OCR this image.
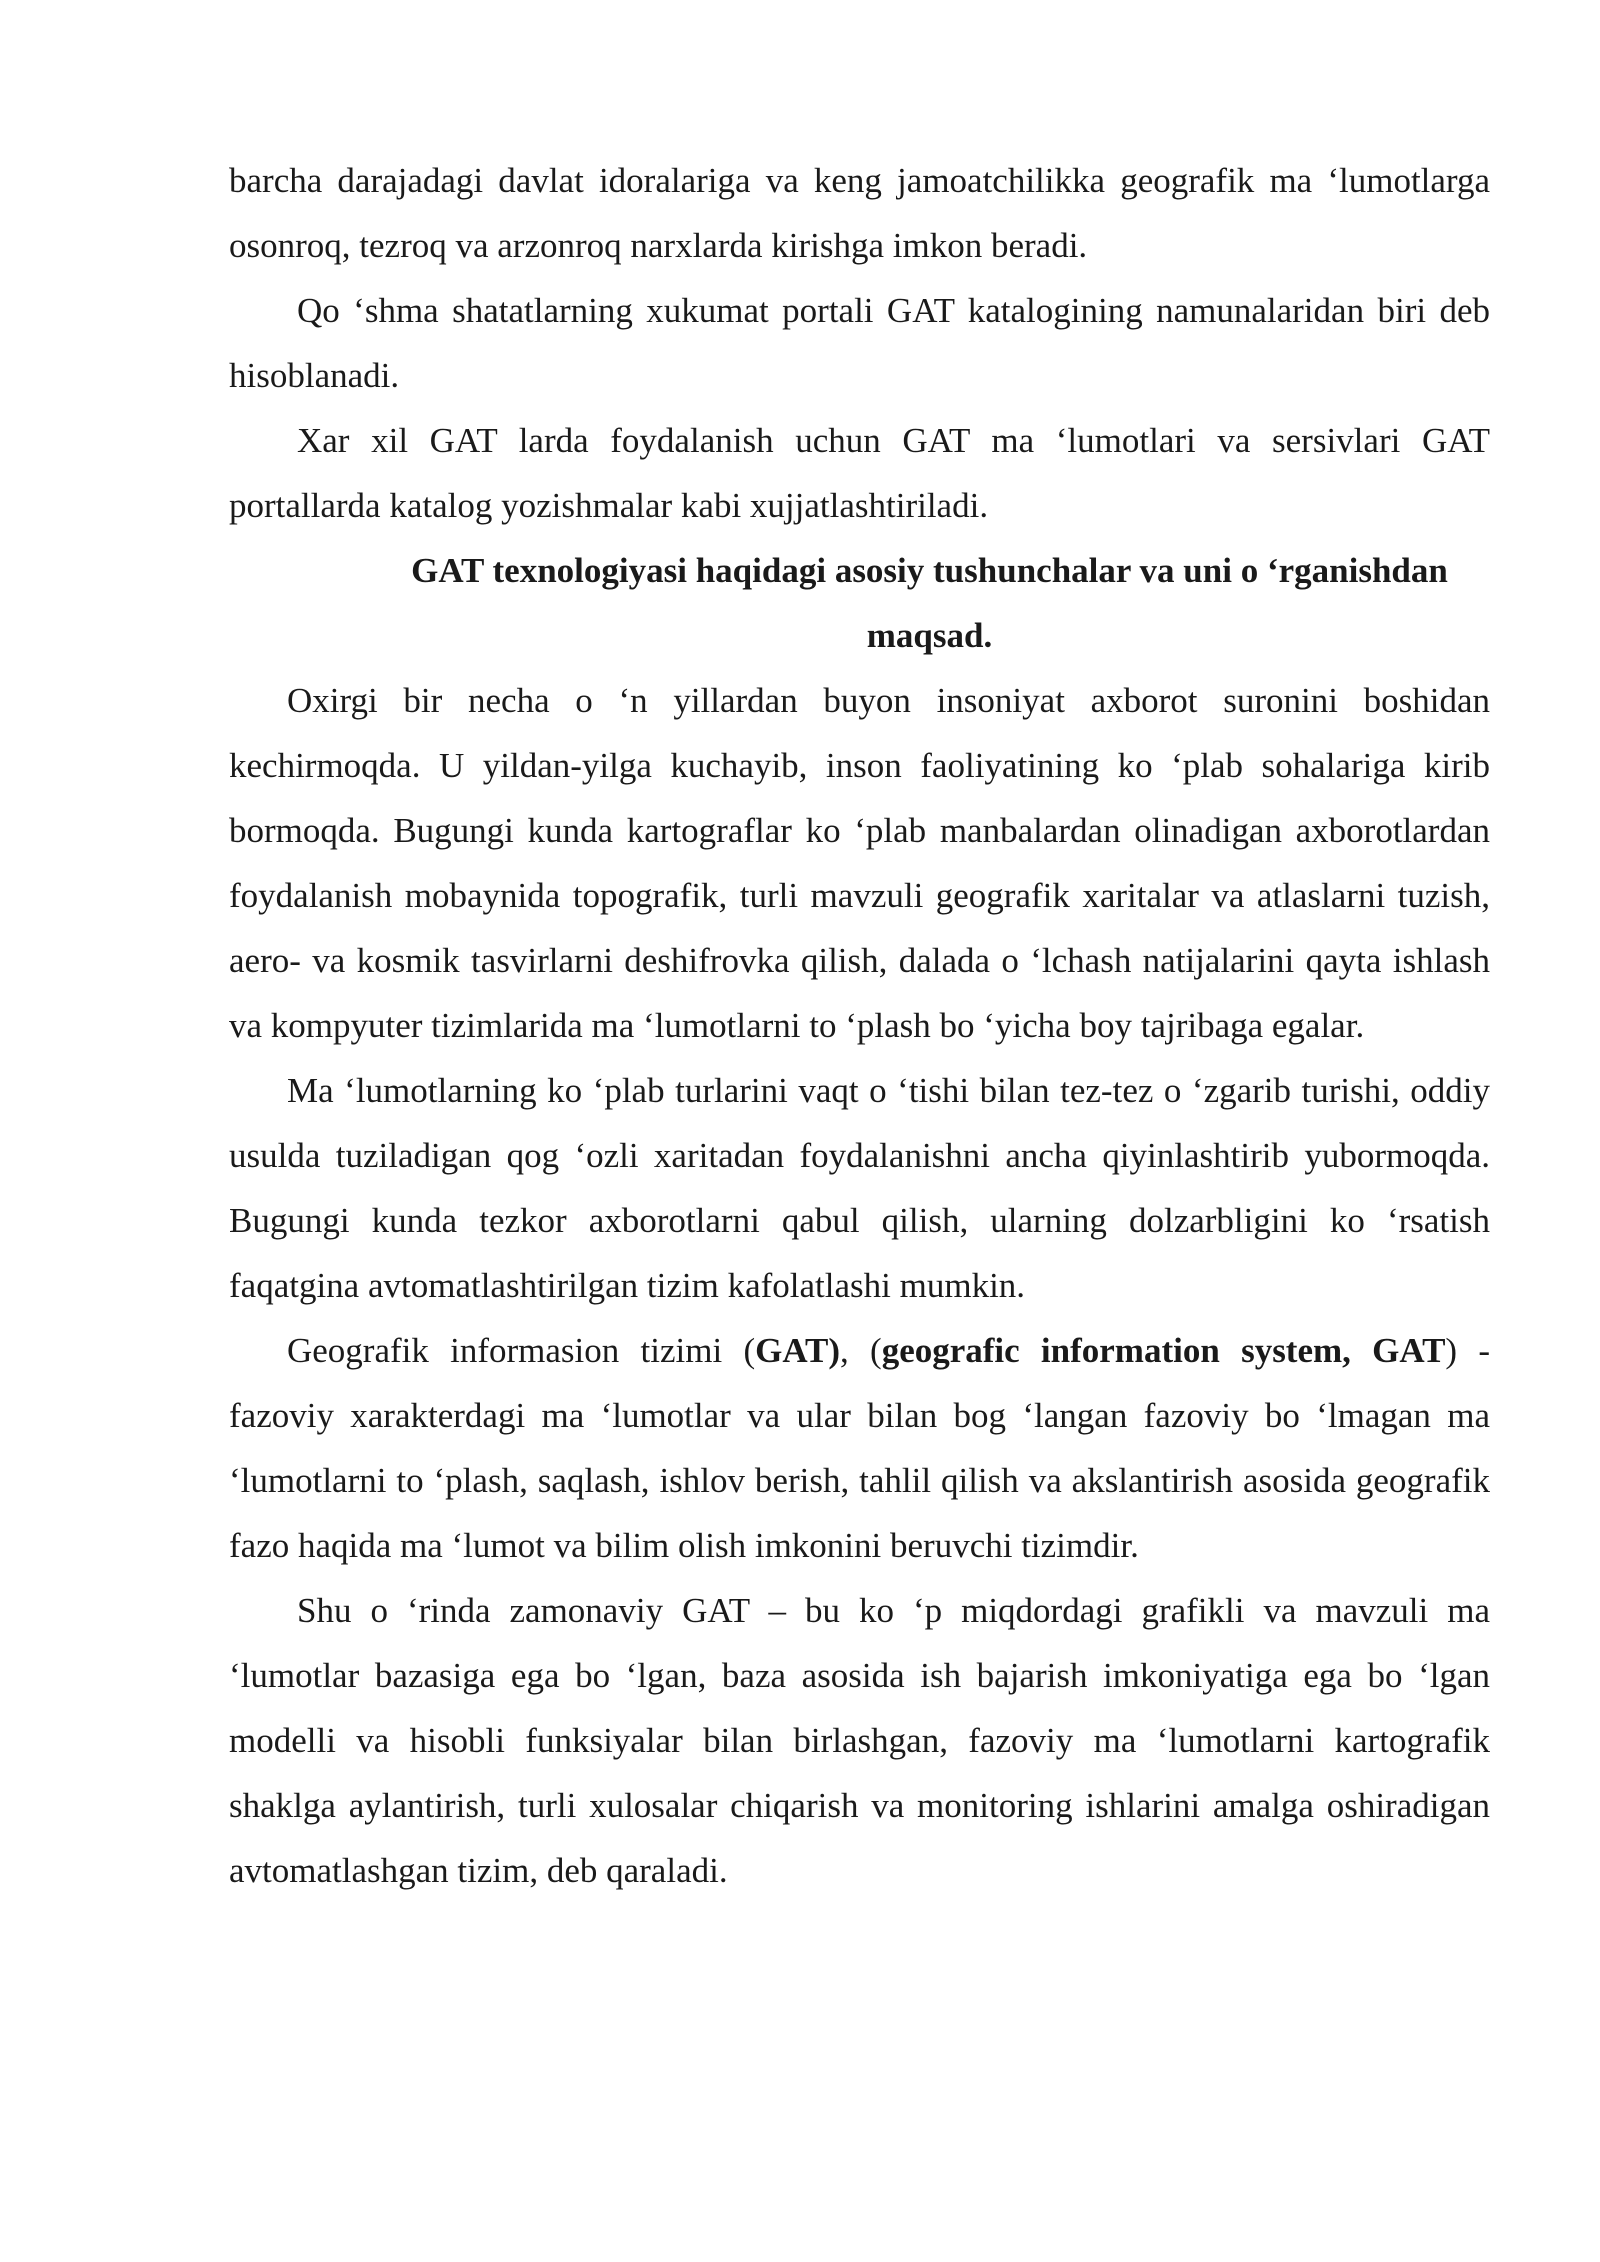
barcha darajadagi davlat idoralariga va keng jamoatchilikka geografik ma ‘lumotlarga osonroq, tezroq va arzonroq narxlarda kirishga imkon beradi.

Qo ‘shma shatatlarning xukumat portali GAT katalogining namunalaridan biri deb hisoblanadi.

Xar xil GAT larda foydalanish uchun GAT ma ‘lumotlari va sersivlari GAT portallarda katalog yozishmalar kabi xujjatlashtiriladi.

GAT texnologiyasi haqidagi asosiy tushunchalar va uni o ‘rganishdan
maqsad.

Oxirgi bir necha o ‘n yillardan buyon insoniyat axborot suronini boshidan kechirmoqda. U yildan-yilga kuchayib, inson faoliyatining ko ‘plab sohalariga kirib bormoqda. Bugungi kunda kartograflar ko ‘plab manbalardan olinadigan axborotlardan foydalanish mobaynida topografik, turli mavzuli geografik xaritalar va atlaslarni tuzish, aero- va kosmik tasvirlarni deshifrovka qilish, dalada o ‘lchash natijalarini qayta ishlash va kompyuter tizimlarida ma ‘lumotlarni to ‘plash bo ‘yicha boy tajribaga egalar.

Ma ‘lumotlarning ko ‘plab turlarini vaqt o ‘tishi bilan tez-tez o ‘zgarib turishi, oddiy usulda tuziladigan qog ‘ozli xaritadan foydalanishni ancha qiyinlashtirib yubormoqda. Bugungi kunda tezkor axborotlarni qabul qilish, ularning dolzarbligini ko ‘rsatish faqatgina avtomatlashtirilgan tizim kafolatlashi mumkin.

Geografik informasion tizimi (GAT), (geografic information system, GAT) - fazoviy xarakterdagi ma ‘lumotlar va ular bilan bog ‘langan fazoviy bo ‘lmagan ma ‘lumotlarni to ‘plash, saqlash, ishlov berish, tahlil qilish va akslantirish asosida geografik fazo haqida ma ‘lumot va bilim olish imkonini beruvchi tizimdir.

Shu o ‘rinda zamonaviy GAT – bu ko ‘p miqdordagi grafikli va mavzuli ma ‘lumotlar bazasiga ega bo ‘lgan, baza asosida ish bajarish imkoniyatiga ega bo ‘lgan modelli va hisobli funksiyalar bilan birlashgan, fazoviy ma ‘lumotlarni kartografik shaklga aylantirish, turli xulosalar chiqarish va monitoring ishlarini amalga oshiradigan avtomatlashgan tizim, deb qaraladi.
